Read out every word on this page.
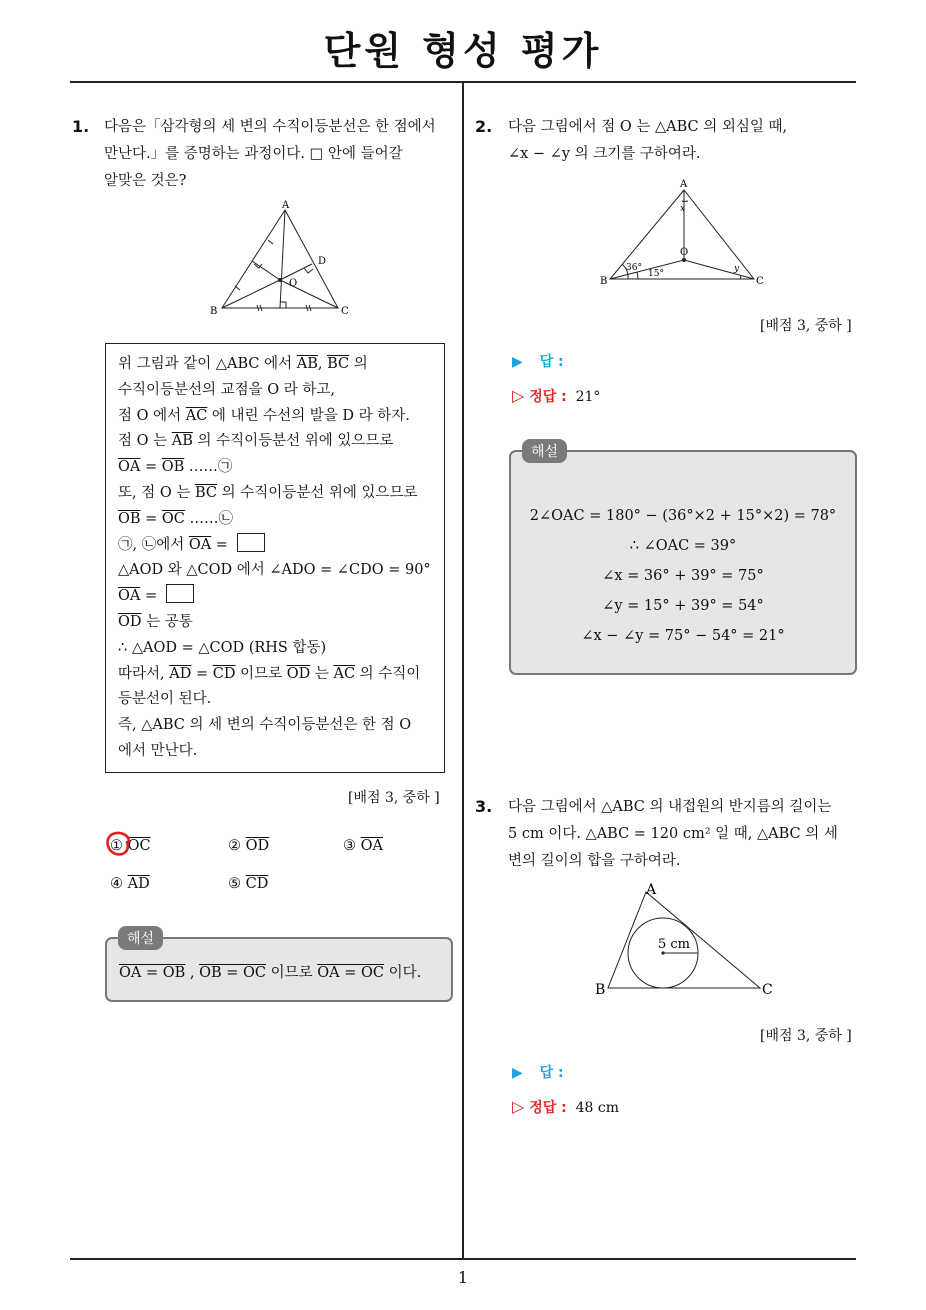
단원 형성 평가
1
1. 다음은「삼각형의 세 변의 수직이등분선은 한 점에서
만난다.」를 증명하는 과정이다. □ 안에 들어갈
알맞은 것은?
A
B	C
D
O
위 그림과 같이 △ABC 에서 $\overline{AB}$, $\overline{BC}$ 의
수직이등분선의 교점을 O 라 하고,
점 O 에서 $\overline{AC}$ 에 내린 수선의 발을 D 라 하자.
점 O 는 $\overline{AB}$ 의 수직이등분선 위에 있으므로
$\overline{OA} = \overline{OB}$ ……㉠
또, 점 O 는 $\overline{BC}$ 의 수직이등분선 위에 있으므로
$\overline{OB} = \overline{OC}$ ……㉡
㉠, ㉡에서 $\overline{OA}$ =
△AOD 와 △COD 에서 ∠ADO = ∠CDO = 90°
$\overline{OA}$ =
$\overline{OD}$ 는 공통
∴ △AOD = △COD (RHS 합동)
따라서, $\overline{AD} = \overline{CD}$ 이므로 $\overline{OD}$ 는 $\overline{AC}$ 의 수직이
등분선이 된다.
즉, △ABC 의 세 변의 수직이등분선은 한 점 O
에서 만난다.
[배점 3, 중하 ]
① $\overline{OC}$	② $\overline{OD}$	③ $\overline{OA}$
④ $\overline{AD}$	⑤ $\overline{CD}$
OA = OB , OB = OC 이므로 OA = OC 이다.
해설
2. 다음 그림에서 점 O 는 △ABC 의 외심일 때,
∠x − ∠y 의 크기를 구하여라.
A
B	C
O
x
y
36°
15°
[배점 3, 중하 ]
▶ 답 :
▷ 정답 : 21°
해설
2∠OAC = 180° − (36°×2 + 15°×2) = 78°
∴ ∠OAC = 39°
∠x = 36° + 39° = 75°
∠y = 15° + 39° = 54°
∠x − ∠y = 75° − 54° = 21°
3. 다음 그림에서 △ABC 의 내접원의 반지름의 길이는
5 cm 이다. △ABC = 120 cm² 일 때, △ABC 의 세
변의 길이의 합을 구하여라.
A
B	C
5 cm
[배점 3, 중하 ]
▶ 답 :
▷ 정답 : 48 cm
